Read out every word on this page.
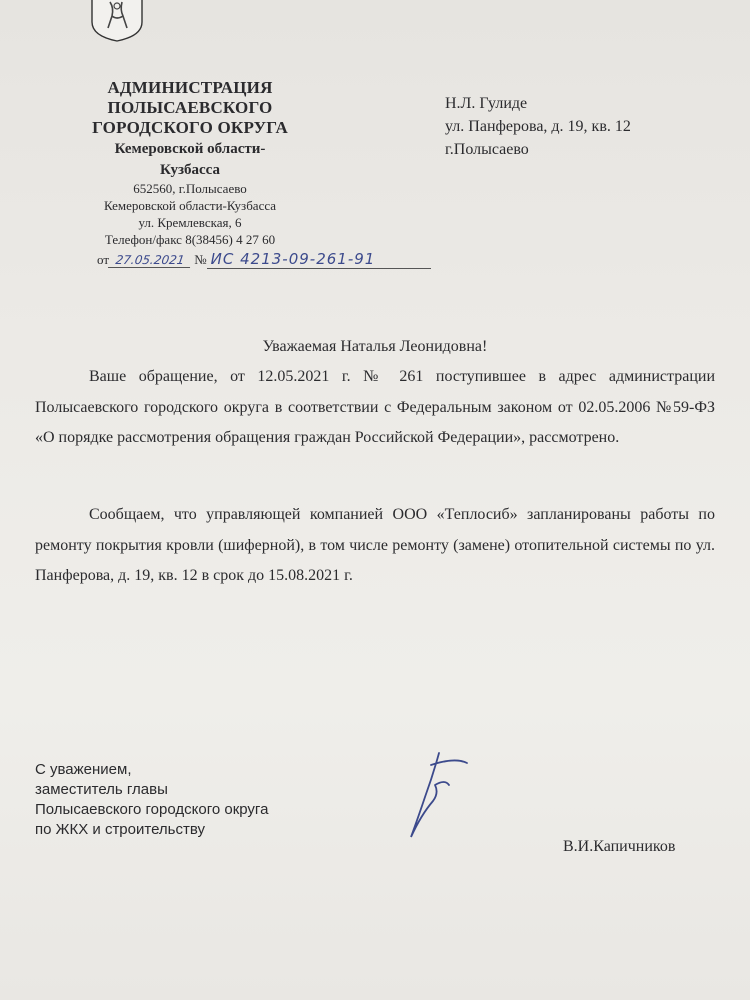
АДМИНИСТРАЦИЯ
ПОЛЫСАЕВСКОГО
ГОРОДСКОГО ОКРУГА
Кемеровской области-
Кузбасса
652560, г.Полысаево
Кемеровской области-Кузбасса
ул. Кремлевская, 6
Телефон/факс 8(38456) 4 27 60
от 27.05.2021 № ИС 4213-09-261-91
Н.Л. Гулиде
ул. Панферова, д. 19, кв. 12
г.Полысаево
Уважаемая Наталья Леонидовна!

Ваше обращение, от 12.05.2021 г. № 261 поступившее в адрес администрации Полысаевского городского округа в соответствии с Федеральным законом от 02.05.2006 №59-ФЗ «О порядке рассмотрения обращения граждан Российской Федерации», рассмотрено.

Сообщаем, что управляющей компанией ООО «Теплосиб» запланированы работы по ремонту покрытия кровли (шиферной), в том числе ремонту (замене) отопительной системы по ул. Панферова, д. 19, кв. 12 в срок до 15.08.2021 г.

С уважением,
заместитель главы
Полысаевского городского округа
по ЖКХ и строительству
В.И.Капичников
